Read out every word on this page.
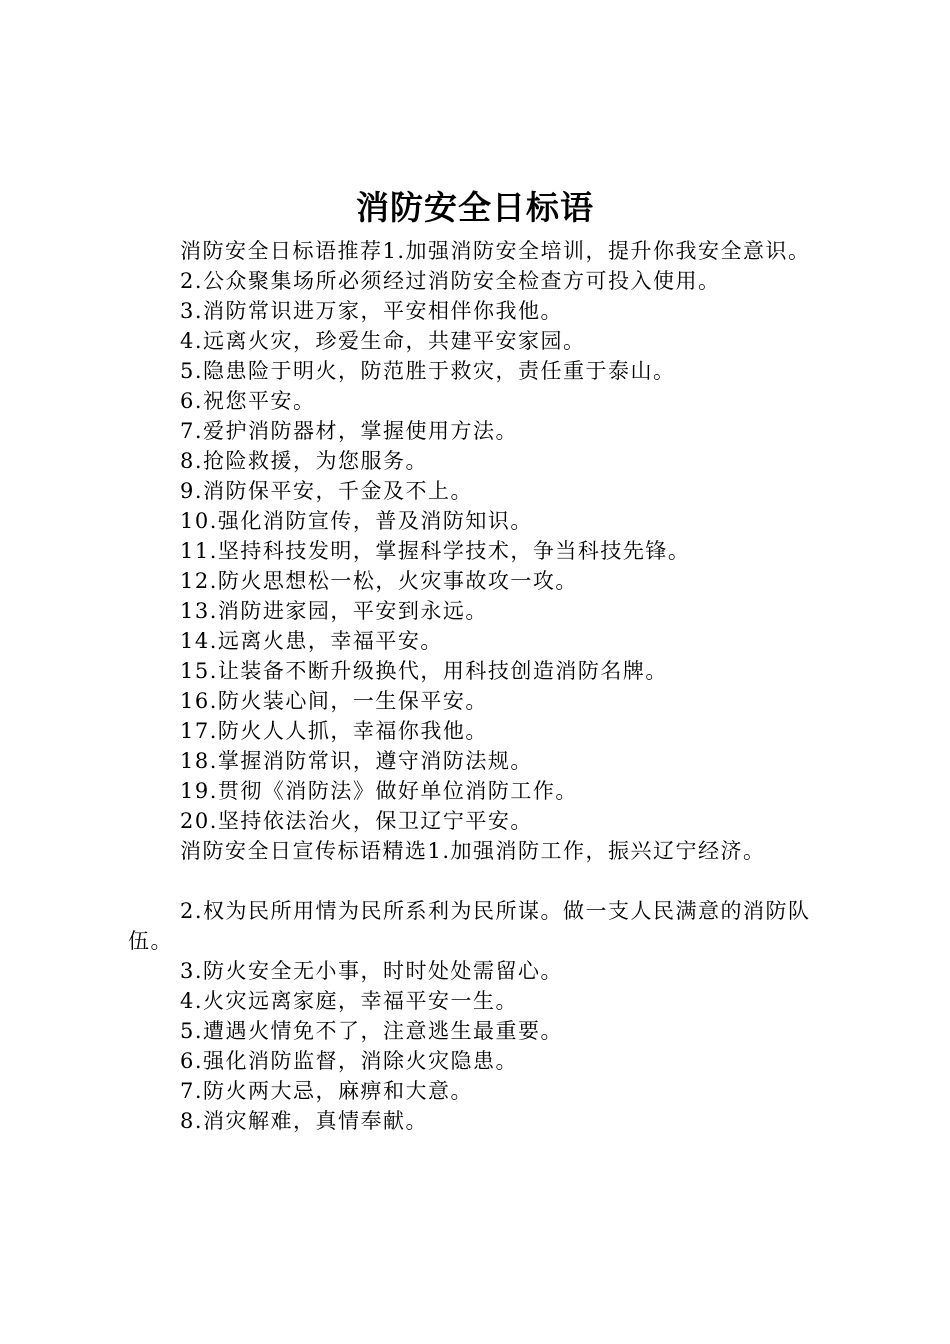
消防安全日标语

消防安全日标语推荐1.加强消防安全培训，提升你我安全意识。

2.公众聚集场所必须经过消防安全检查方可投入使用。

3.消防常识进万家，平安相伴你我他。

4.远离火灾，珍爱生命，共建平安家园。

5.隐患险于明火，防范胜于救灾，责任重于泰山。

6.祝您平安。

7.爱护消防器材，掌握使用方法。

8.抢险救援，为您服务。

9.消防保平安，千金及不上。

10.强化消防宣传，普及消防知识。

11.坚持科技发明，掌握科学技术，争当科技先锋。

12.防火思想松一松，火灾事故攻一攻。

13.消防进家园，平安到永远。

14.远离火患，幸福平安。

15.让装备不断升级换代，用科技创造消防名牌。

16.防火装心间，一生保平安。

17.防火人人抓，幸福你我他。

18.掌握消防常识，遵守消防法规。

19.贯彻《消防法》做好单位消防工作。

20.坚持依法治火，保卫辽宁平安。

消防安全日宣传标语精选1.加强消防工作，振兴辽宁经济。

2.权为民所用情为民所系利为民所谋。做一支人民满意的消防队伍。

3.防火安全无小事，时时处处需留心。

4.火灾远离家庭，幸福平安一生。

5.遭遇火情免不了，注意逃生最重要。

6.强化消防监督，消除火灾隐患。

7.防火两大忌，麻痹和大意。

8.消灾解难，真情奉献。
